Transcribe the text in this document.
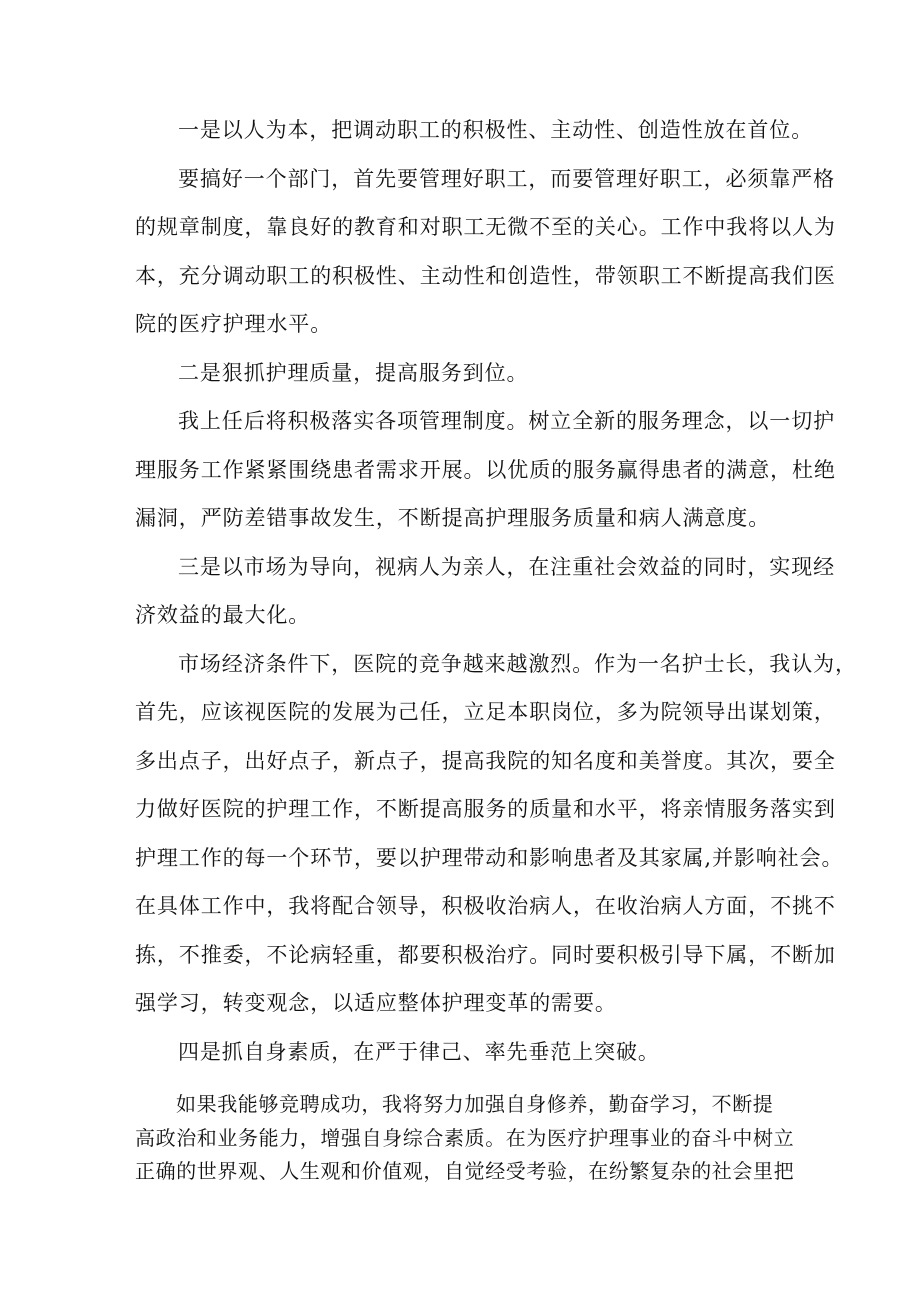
一是以人为本，把调动职工的积极性、主动性、创造性放在首位。
要搞好一个部门，首先要管理好职工，而要管理好职工，必须靠严格
的规章制度，靠良好的教育和对职工无微不至的关心。工作中我将以人为
本，充分调动职工的积极性、主动性和创造性，带领职工不断提高我们医
院的医疗护理水平。
二是狠抓护理质量，提高服务到位。
我上任后将积极落实各项管理制度。树立全新的服务理念，以一切护
理服务工作紧紧围绕患者需求开展。以优质的服务赢得患者的满意，杜绝
漏洞，严防差错事故发生，不断提高护理服务质量和病人满意度。
三是以市场为导向，视病人为亲人，在注重社会效益的同时，实现经
济效益的最大化。
市场经济条件下，医院的竞争越来越激烈。作为一名护士长，我认为，
首先，应该视医院的发展为己任，立足本职岗位，多为院领导出谋划策，
多出点子，出好点子，新点子，提高我院的知名度和美誉度。其次，要全
力做好医院的护理工作，不断提高服务的质量和水平，将亲情服务落实到
护理工作的每一个环节，要以护理带动和影响患者及其家属,并影响社会。
在具体工作中，我将配合领导，积极收治病人，在收治病人方面，不挑不
拣，不推委，不论病轻重，都要积极治疗。同时要积极引导下属，不断加
强学习，转变观念，以适应整体护理变革的需要。
四是抓自身素质，在严于律己、率先垂范上突破。
如果我能够竞聘成功，我将努力加强自身修养，勤奋学习，不断提
高政治和业务能力，增强自身综合素质。在为医疗护理事业的奋斗中树立
正确的世界观、人生观和价值观，自觉经受考验，在纷繁复杂的社会里把
